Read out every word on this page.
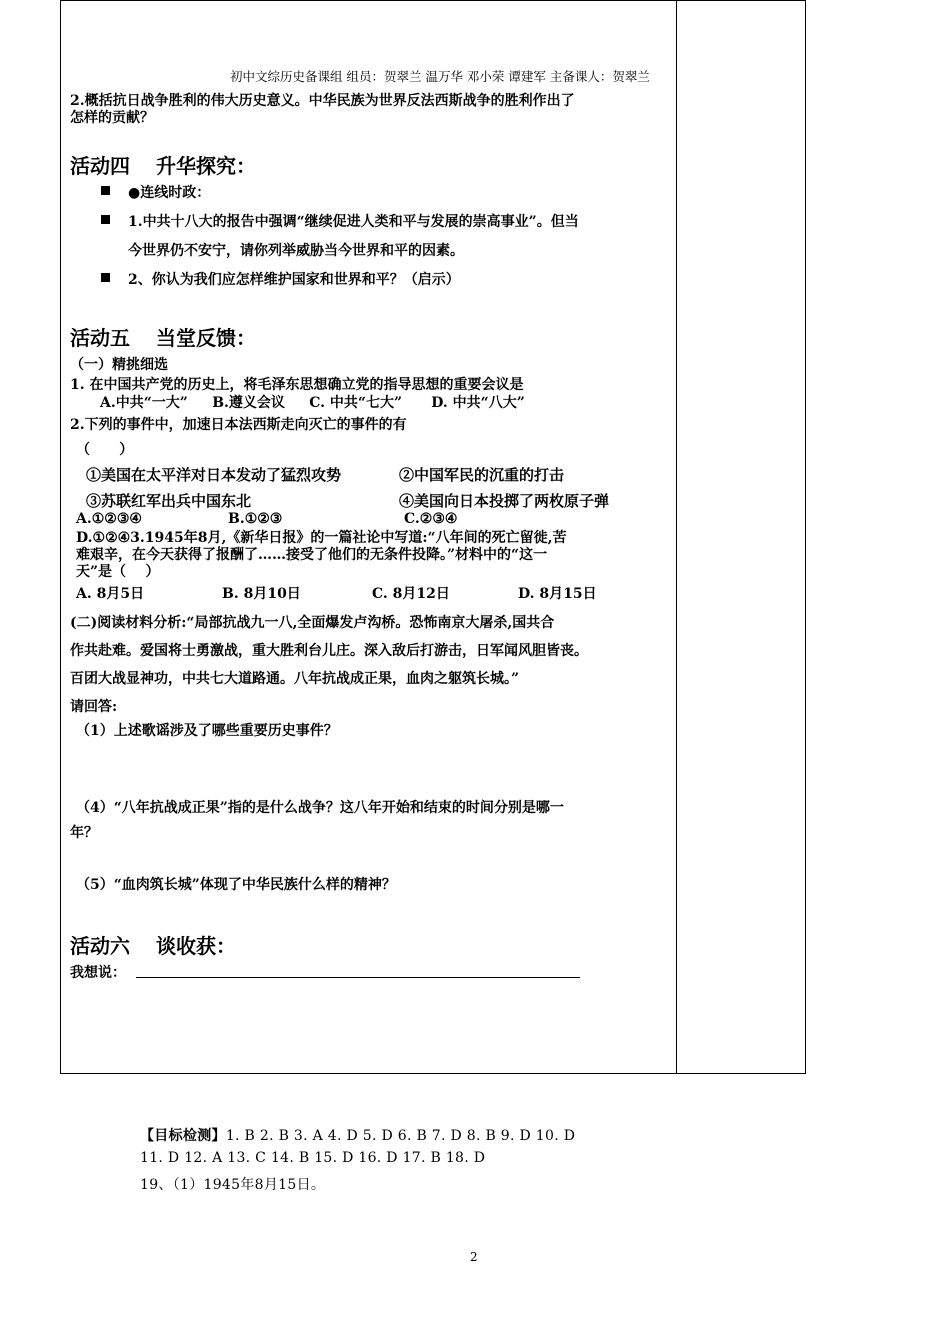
初中文综历史备课组 组员：贺翠兰 温万华 邓小荣 谭建军 主备课人：贺翠兰
2.概括抗日战争胜利的伟大历史意义。中华民族为世界反法西斯战争的胜利作出了
怎样的贡献？
活动四 升华探究：
●连线时政：
1.中共十八大的报告中强调“继续促进人类和平与发展的崇高事业”。但当
今世界仍不安宁，请你列举威胁当今世界和平的因素。
2、你认为我们应怎样维护国家和世界和平？（启示）
活动五 当堂反馈：
（一）精挑细选
1. 在中国共产党的历史上，将毛泽东思想确立党的指导思想的重要会议是
A.中共“一大”     B.遵义会议     C. 中共“七大”      D. 中共“八大”
2.下列的事件中，加速日本法西斯走向灭亡的事件的有
（      ）
①美国在太平洋对日本发动了猛烈攻势	②中国军民的沉重的打击
③苏联红军出兵中国东北	④美国向日本投掷了两枚原子弹
A.①②③④	B.①②③	C.②③④
D.①②④3.1945年8月,《新华日报》的一篇社论中写道:“八年间的死亡留徙,苦
难艰辛，在今天获得了报酬了……接受了他们的无条件投降。”材料中的“这一
天”是（    ）
A. 8月5日	B. 8月10日	C. 8月12日	D. 8月15日
(二)阅读材料分析:“局部抗战九一八,全面爆发卢沟桥。恐怖南京大屠杀,国共合
作共赴难。爱国将士勇激战，重大胜利台儿庄。深入敌后打游击，日军闻风胆皆丧。
百团大战显神功，中共七大道路通。八年抗战成正果，血肉之躯筑长城。”
请回答:
（1）上述歌谣涉及了哪些重要历史事件？
（4）“八年抗战成正果”指的是什么战争？这八年开始和结束的时间分别是哪一
年？
（5）“血肉筑长城”体现了中华民族什么样的精神？
活动六 谈收获：
我想说：
【目标检测】1. B 2. B 3. A 4. D 5. D 6. B 7. D 8. B 9. D 10. D
11. D 12. A 13. C 14. B 15. D 16. D 17. B 18. D
19、（1）1945年8月15日。
2
